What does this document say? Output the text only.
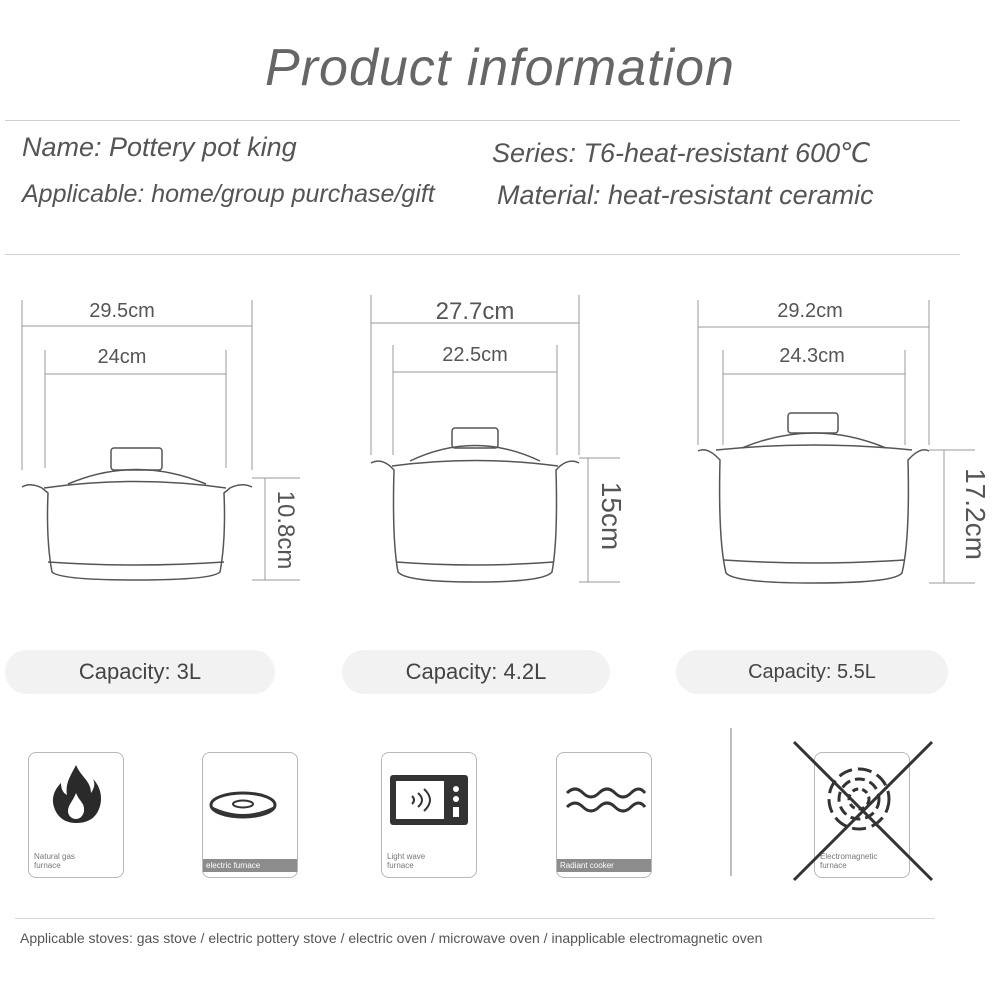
Product information
Name: Pottery pot king	Series: T6-heat-resistant 600℃
Applicable: home/group purchase/gift Material: heat-resistant ceramic
29.5cm
24cm
10.8cm
27.7cm
22.5cm
15cm
29.2cm
24.3cm
17.2cm
Capacity: 3L	Capacity: 4.2L	Capacity: 5.5L
Natural gas furnace	electric furnace
Light wave furnace	Radiant cooker
Electromagnetic furnace
Applicable stoves: gas stove / electric pottery stove / electric oven / microwave oven / inapplicable electromagnetic oven
